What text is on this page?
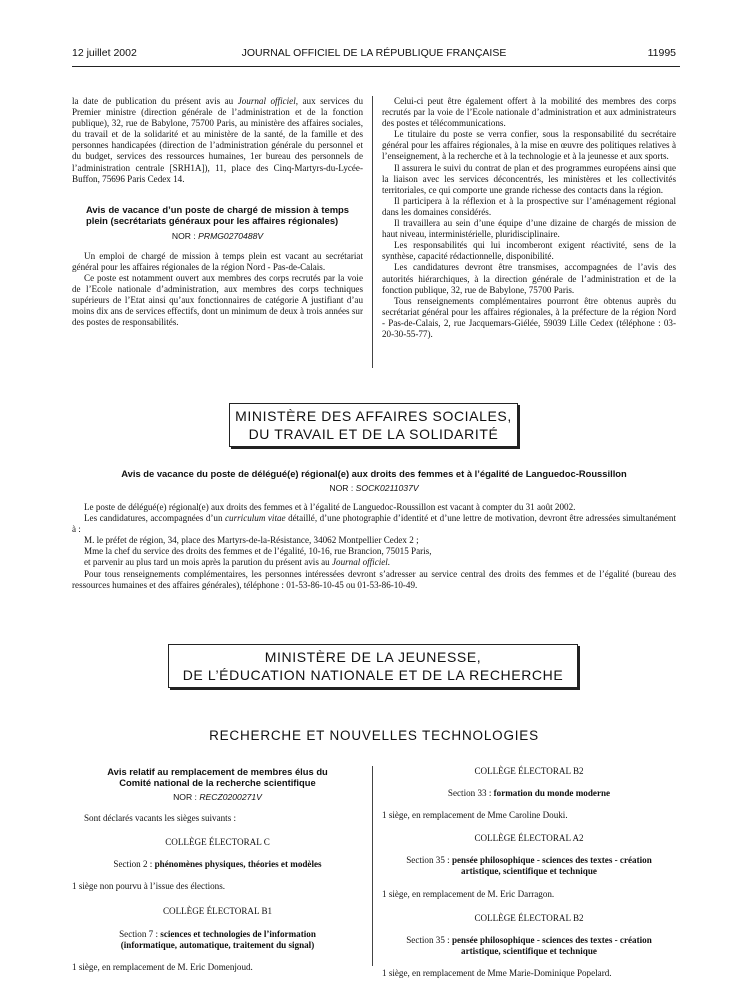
12 juillet 2002	JOURNAL OFFICIEL DE LA RÉPUBLIQUE FRANÇAISE	11995

la date de publication du présent avis au Journal officiel, aux services du Premier ministre (direction générale de l’administration et de la fonction publique), 32, rue de Babylone, 75700 Paris, au ministère des affaires sociales, du travail et de la solidarité et au ministère de la santé, de la famille et des personnes handicapées (direction de l’administration générale du personnel et du budget, services des ressources humaines, 1er bureau des personnels de l’administration centrale [SRH1A]), 11, place des Cinq-Martyrs-du-Lycée-Buffon, 75696 Paris Cedex 14.

Avis de vacance d’un poste de chargé de mission à temps plein (secrétariats généraux pour les affaires régionales)
NOR : PRMG0270488V

Un emploi de chargé de mission à temps plein est vacant au secrétariat général pour les affaires régionales de la région Nord - Pas-de-Calais.

Ce poste est notamment ouvert aux membres des corps recrutés par la voie de l’Ecole nationale d’administration, aux membres des corps techniques supérieurs de l’Etat ainsi qu’aux fonctionnaires de catégorie A justifiant d’au moins dix ans de services effectifs, dont un minimum de deux à trois années sur des postes de responsabilités.

Celui-ci peut être également offert à la mobilité des membres des corps recrutés par la voie de l’Ecole nationale d’administration et aux administrateurs des postes et télécommunications.

Le titulaire du poste se verra confier, sous la responsabilité du secrétaire général pour les affaires régionales, à la mise en œuvre des politiques relatives à l’enseignement, à la recherche et à la technologie et à la jeunesse et aux sports.

Il assurera le suivi du contrat de plan et des programmes européens ainsi que la liaison avec les services déconcentrés, les ministères et les collectivités territoriales, ce qui comporte une grande richesse des contacts dans la région.

Il participera à la réflexion et à la prospective sur l’aménagement régional dans les domaines considérés.

Il travaillera au sein d’une équipe d’une dizaine de chargés de mission de haut niveau, interministérielle, pluridisciplinaire.

Les responsabilités qui lui incomberont exigent réactivité, sens de la synthèse, capacité rédactionnelle, disponibilité.

Les candidatures devront être transmises, accompagnées de l’avis des autorités hiérarchiques, à la direction générale de l’administration et de la fonction publique, 32, rue de Babylone, 75700 Paris.

Tous renseignements complémentaires pourront être obtenus auprès du secrétariat général pour les affaires régionales, à la préfecture de la région Nord - Pas-de-Calais, 2, rue Jacquemars-Giélée, 59039 Lille Cedex (téléphone : 03-20-30-55-77).

MINISTÈRE DES AFFAIRES SOCIALES,
DU TRAVAIL ET DE LA SOLIDARITÉ
Avis de vacance du poste de délégué(e) régional(e) aux droits des femmes et à l’égalité de Languedoc-Roussillon
NOR : SOCK0211037V

Le poste de délégué(e) régional(e) aux droits des femmes et à l’égalité de Languedoc-Roussillon est vacant à compter du 31 août 2002.

Les candidatures, accompagnées d’un curriculum vitae détaillé, d’une photographie d’identité et d’une lettre de motivation, devront être adressées simultanément à :

M. le préfet de région, 34, place des Martyrs-de-la-Résistance, 34062 Montpellier Cedex 2 ;

Mme la chef du service des droits des femmes et de l’égalité, 10-16, rue Brancion, 75015 Paris,

et parvenir au plus tard un mois après la parution du présent avis au Journal officiel.

Pour tous renseignements complémentaires, les personnes intéressées devront s’adresser au service central des droits des femmes et de l’égalité (bureau des ressources humaines et des affaires générales), téléphone : 01-53-86-10-45 ou 01-53-86-10-49.

MINISTÈRE DE LA JEUNESSE,
DE L’ÉDUCATION NATIONALE ET DE LA RECHERCHE
RECHERCHE ET NOUVELLES TECHNOLOGIES
Avis relatif au remplacement de membres élus du Comité national de la recherche scientifique
NOR : RECZ0200271V

Sont déclarés vacants les sièges suivants :

COLLÈGE ÉLECTORAL C
Section 2 : phénomènes physiques, théories et modèles

1 siège non pourvu à l’issue des élections.

COLLÈGE ÉLECTORAL B1
Section 7 : sciences et technologies de l’information (informatique, automatique, traitement du signal)

1 siège, en remplacement de M. Eric Domenjoud.

COLLÈGE ÉLECTORAL B2
Section 33 : formation du monde moderne

1 siège, en remplacement de Mme Caroline Douki.

COLLÈGE ÉLECTORAL A2
Section 35 : pensée philosophique - sciences des textes - création artistique, scientifique et technique

1 siège, en remplacement de M. Eric Darragon.

COLLÈGE ÉLECTORAL B2
Section 35 : pensée philosophique - sciences des textes - création artistique, scientifique et technique

1 siège, en remplacement de Mme Marie-Dominique Popelard.
